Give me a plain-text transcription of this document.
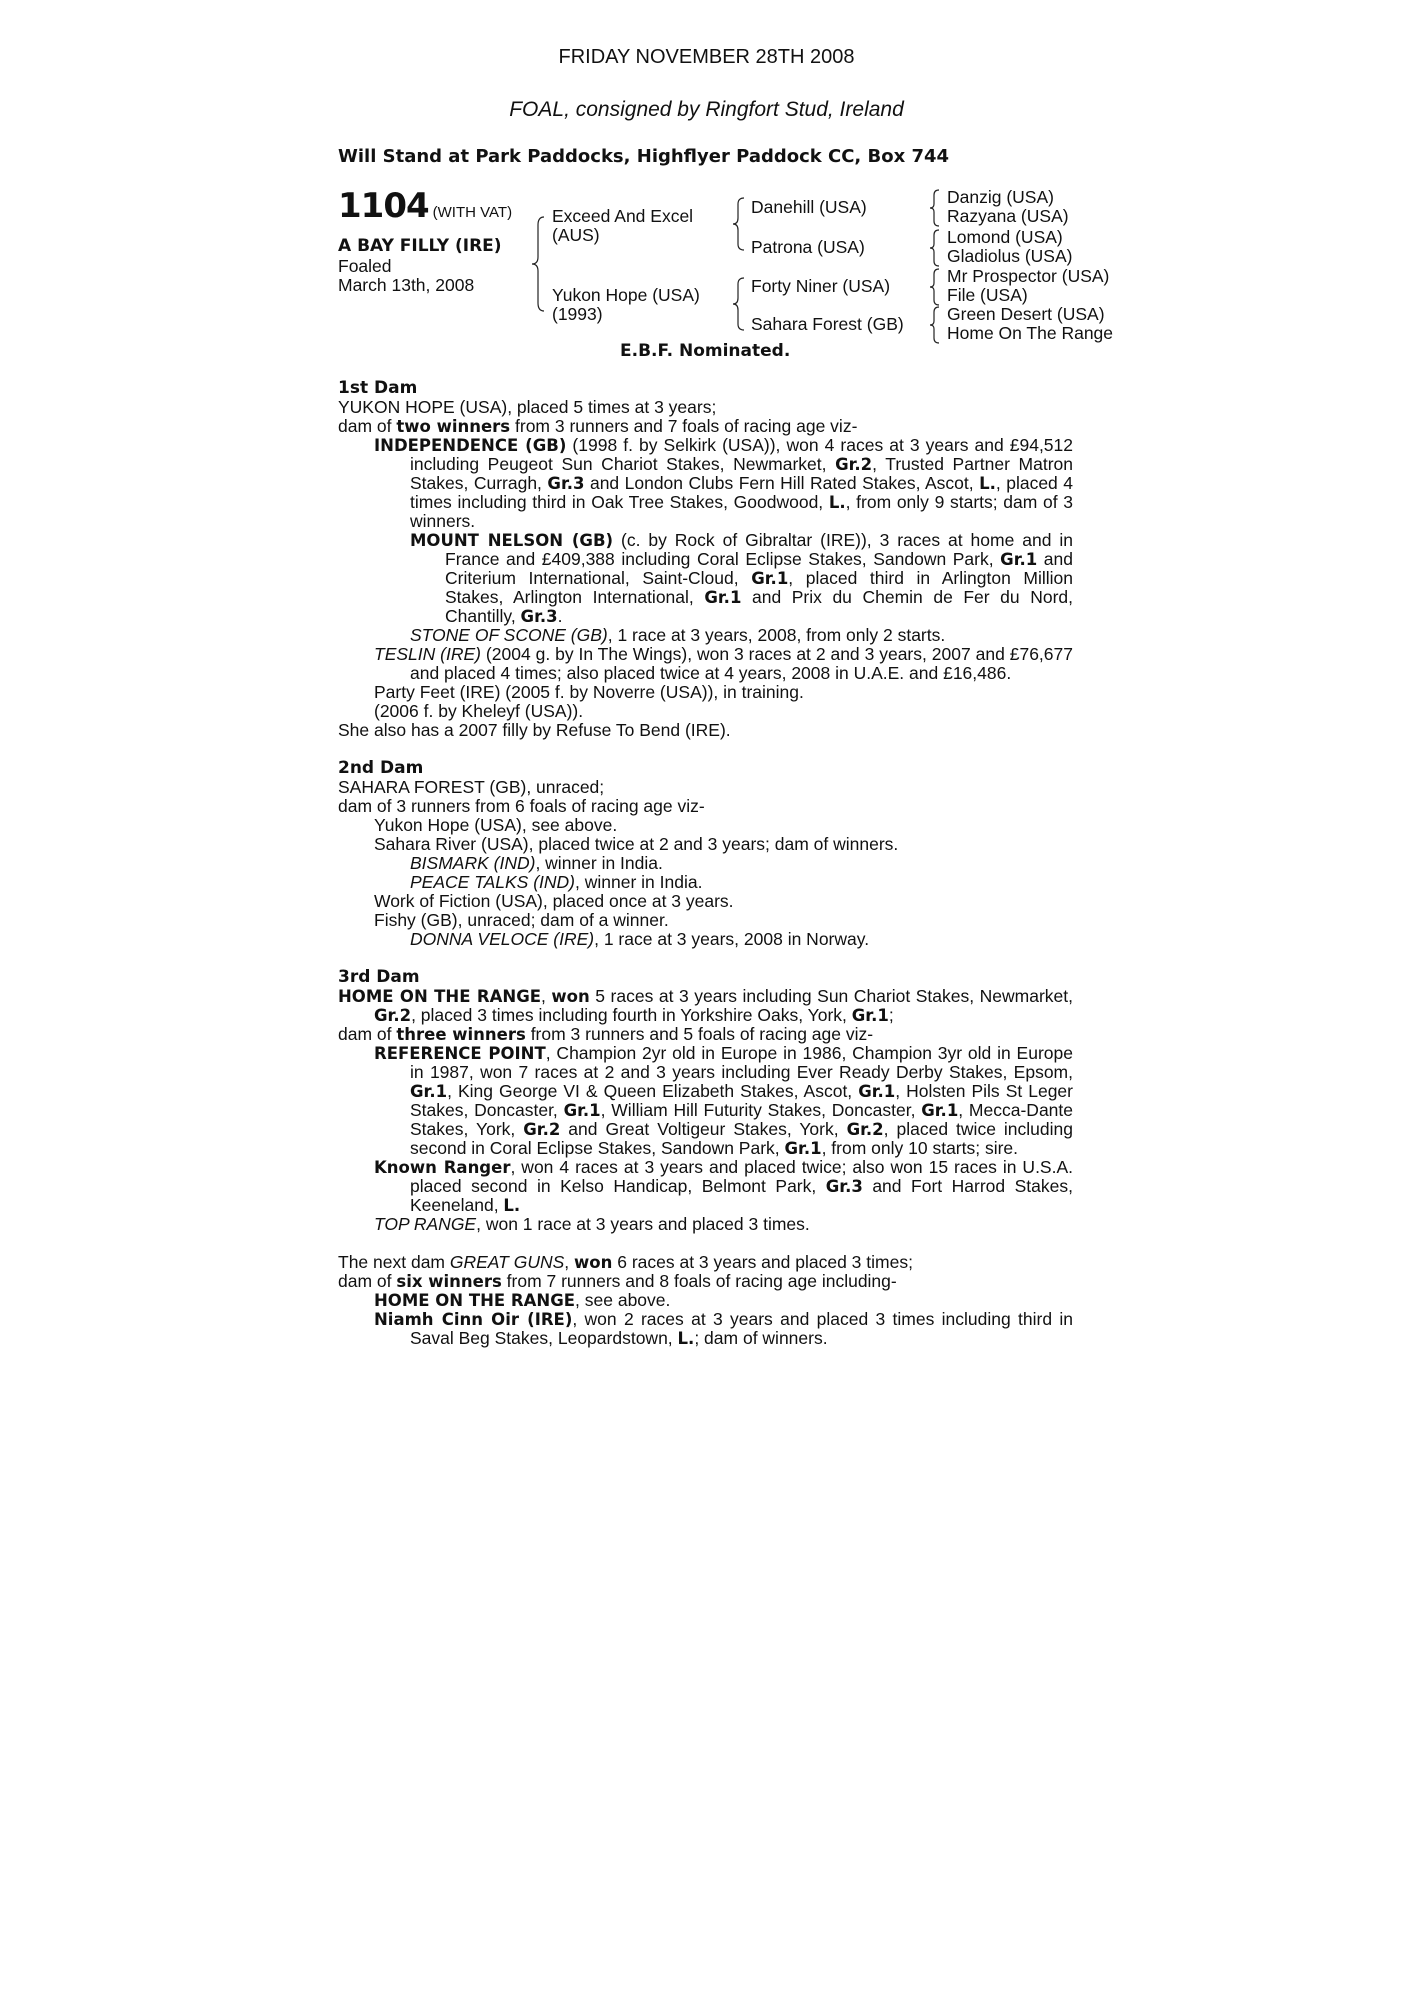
FRIDAY NOVEMBER 28TH 2008
FOAL, consigned by Ringfort Stud, Ireland
Will Stand at Park Paddocks, Highflyer Paddock CC, Box 744
1104 (WITH VAT)
A BAY FILLY (IRE)
Foaled
March 13th, 2008
Exceed And Excel (AUS)
Yukon Hope (USA) (1993)
Danehill (USA)
Patrona (USA)
Forty Niner (USA)
Sahara Forest (GB)
Danzig (USA)
Razyana (USA)
Lomond (USA)
Gladiolus (USA)
Mr Prospector (USA)
File (USA)
Green Desert (USA)
Home On The Range
E.B.F. Nominated.
1st Dam

YUKON HOPE (USA), placed 5 times at 3 years;

dam of two winners from 3 runners and 7 foals of racing age viz-

INDEPENDENCE (GB) (1998 f. by Selkirk (USA)), won 4 races at 3 years and £94,512 including Peugeot Sun Chariot Stakes, Newmarket, Gr.2, Trusted Partner Matron Stakes, Curragh, Gr.3 and London Clubs Fern Hill Rated Stakes, Ascot, L., placed 4 times including third in Oak Tree Stakes, Goodwood, L., from only 9 starts; dam of 3 winners.

MOUNT NELSON (GB) (c. by Rock of Gibraltar (IRE)), 3 races at home and in France and £409,388 including Coral Eclipse Stakes, Sandown Park, Gr.1 and Criterium International, Saint-Cloud, Gr.1, placed third in Arlington Million Stakes, Arlington International, Gr.1 and Prix du Chemin de Fer du Nord, Chantilly, Gr.3.

STONE OF SCONE (GB), 1 race at 3 years, 2008, from only 2 starts.

TESLIN (IRE) (2004 g. by In The Wings), won 3 races at 2 and 3 years, 2007 and £76,677 and placed 4 times; also placed twice at 4 years, 2008 in U.A.E. and £16,486.

Party Feet (IRE) (2005 f. by Noverre (USA)), in training.

(2006 f. by Kheleyf (USA)).

She also has a 2007 filly by Refuse To Bend (IRE).

2nd Dam

SAHARA FOREST (GB), unraced;

dam of 3 runners from 6 foals of racing age viz-

Yukon Hope (USA), see above.

Sahara River (USA), placed twice at 2 and 3 years; dam of winners.

BISMARK (IND), winner in India.

PEACE TALKS (IND), winner in India.

Work of Fiction (USA), placed once at 3 years.

Fishy (GB), unraced; dam of a winner.

DONNA VELOCE (IRE), 1 race at 3 years, 2008 in Norway.

3rd Dam

HOME ON THE RANGE, won 5 races at 3 years including Sun Chariot Stakes, Newmarket, Gr.2, placed 3 times including fourth in Yorkshire Oaks, York, Gr.1;

dam of three winners from 3 runners and 5 foals of racing age viz-

REFERENCE POINT, Champion 2yr old in Europe in 1986, Champion 3yr old in Europe in 1987, won 7 races at 2 and 3 years including Ever Ready Derby Stakes, Epsom, Gr.1, King George VI & Queen Elizabeth Stakes, Ascot, Gr.1, Holsten Pils St Leger Stakes, Doncaster, Gr.1, William Hill Futurity Stakes, Doncaster, Gr.1, Mecca-Dante Stakes, York, Gr.2 and Great Voltigeur Stakes, York, Gr.2, placed twice including second in Coral Eclipse Stakes, Sandown Park, Gr.1, from only 10 starts; sire.

Known Ranger, won 4 races at 3 years and placed twice; also won 15 races in U.S.A. placed second in Kelso Handicap, Belmont Park, Gr.3 and Fort Harrod Stakes, Keeneland, L.

TOP RANGE, won 1 race at 3 years and placed 3 times.

The next dam GREAT GUNS, won 6 races at 3 years and placed 3 times;

dam of six winners from 7 runners and 8 foals of racing age including-

HOME ON THE RANGE, see above.

Niamh Cinn Oir (IRE), won 2 races at 3 years and placed 3 times including third in Saval Beg Stakes, Leopardstown, L.; dam of winners.
